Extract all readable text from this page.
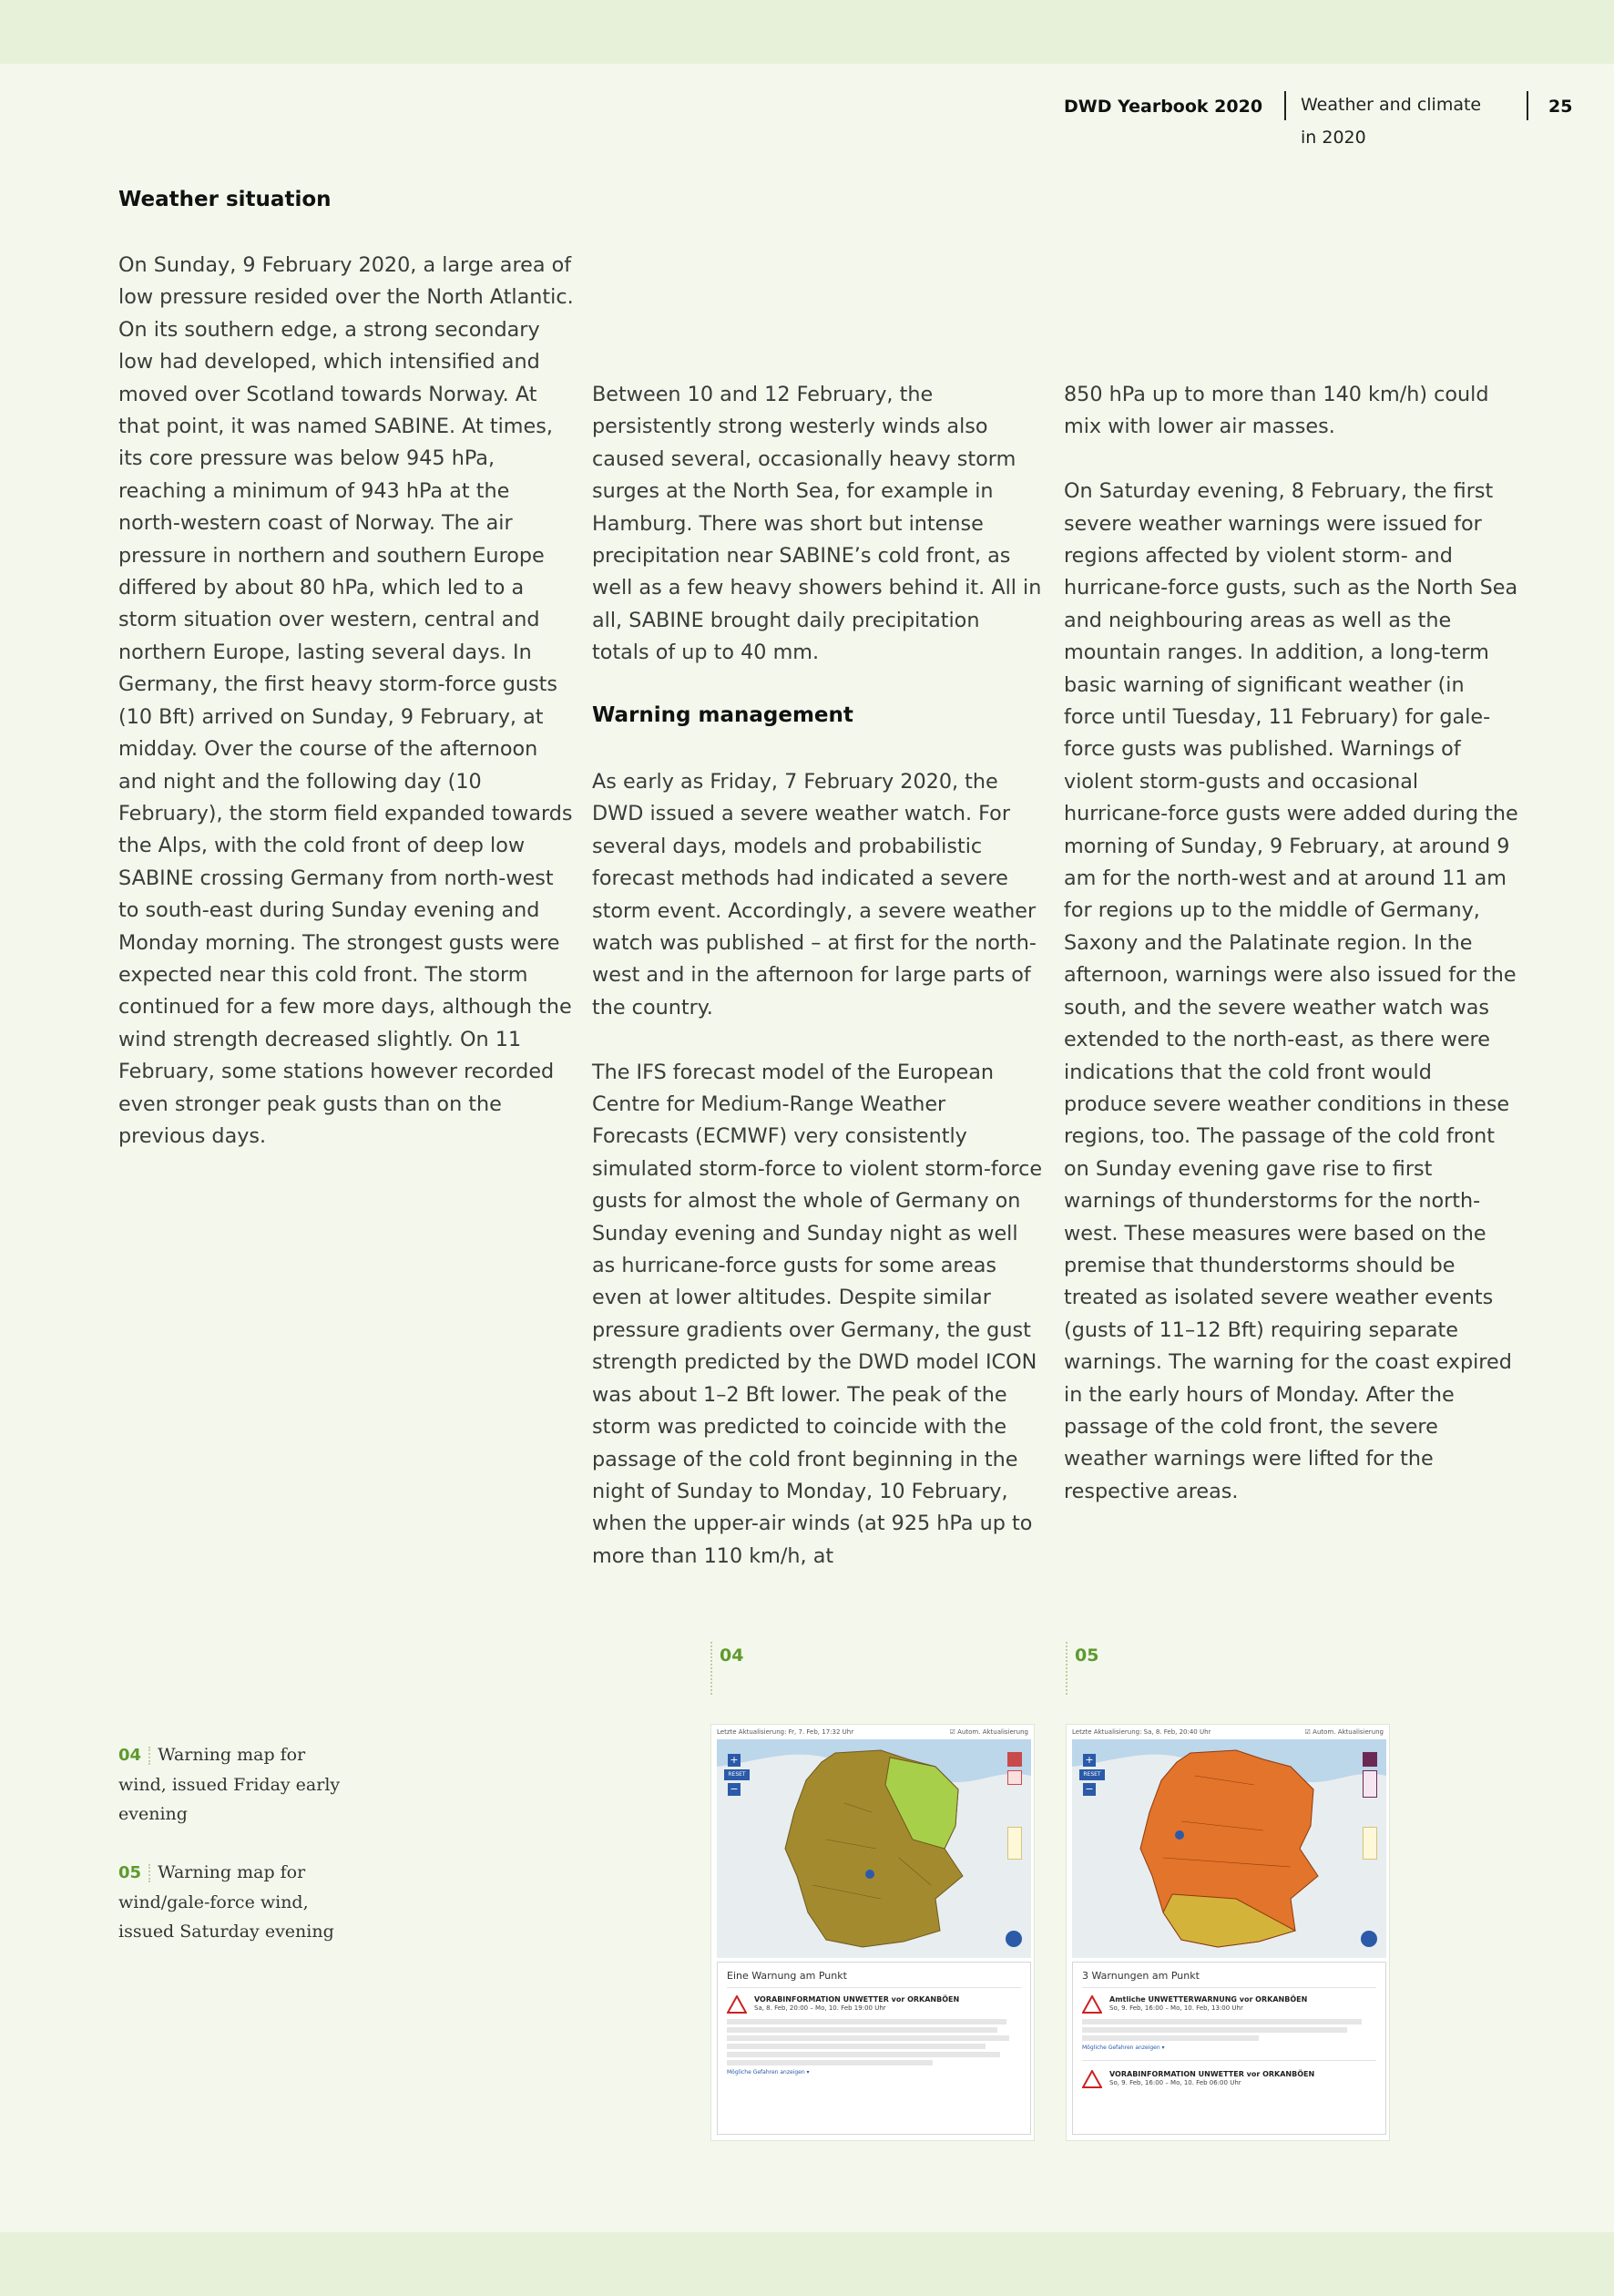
DWD Yearbook 2020	Weather and climate in 2020
25
Weather situation

On Sunday, 9 February 2020, a large area of low pressure resided over the North Atlantic. On its southern edge, a strong secondary low had developed, which intensified and moved over Scotland towards Norway. At that point, it was named SABINE. At times, its core pressure was below 945 hPa, reaching a minimum of 943 hPa at the north-western coast of Norway. The air pressure in northern and southern Europe differed by about 80 hPa, which led to a storm situation over western, central and northern Europe, lasting several days. In Germany, the first heavy storm-force gusts (10 Bft) arrived on Sunday, 9 February, at midday. Over the course of the afternoon and night and the following day (10 February), the storm field expanded towards the Alps, with the cold front of deep low SABINE crossing Germany from north-west to south-east during Sunday evening and Monday morning. The strongest gusts were expected near this cold front. The storm continued for a few more days, although the wind strength decreased slightly. On 11 February, some stations however recorded even stronger peak gusts than on the previous days.

Between 10 and 12 February, the persistently strong westerly winds also caused several, occasionally heavy storm surges at the North Sea, for example in Hamburg. There was short but intense precipitation near SABINE’s cold front, as well as a few heavy showers behind it. All in all, SABINE brought daily precipitation totals of up to 40 mm.

Warning management

As early as Friday, 7 February 2020, the DWD issued a severe weather watch. For several days, models and probabilistic forecast methods had indicated a severe storm event. Accordingly, a severe weather watch was published – at first for the north-west and in the afternoon for large parts of the country.

The IFS forecast model of the European Centre for Medium-Range Weather Forecasts (ECMWF) very consistently simulated storm-force to violent storm-force gusts for almost the whole of Germany on Sunday evening and Sunday night as well as hurricane-force gusts for some areas even at lower altitudes. Despite similar pressure gradients over Germany, the gust strength predicted by the DWD model ICON was about 1–2 Bft lower. The peak of the storm was predicted to coincide with the passage of the cold front beginning in the night of Sunday to Monday, 10 February, when the upper-air winds (at 925 hPa up to more than 110 km/h, at

850 hPa up to more than 140 km/h) could mix with lower air masses.

On Saturday evening, 8 February, the first severe weather warnings were issued for regions affected by violent storm- and hurricane-force gusts, such as the North Sea and neighbouring areas as well as the mountain ranges. In addition, a long-term basic warning of significant weather (in force until Tuesday, 11 February) for gale-force gusts was published. Warnings of violent storm-gusts and occasional hurricane-force gusts were added during the morning of Sunday, 9 February, at around 9 am for the north-west and at around 11 am for regions up to the middle of Germany, Saxony and the Palatinate region. In the afternoon, warnings were also issued for the south, and the severe weather watch was extended to the north-east, as there were indications that the cold front would produce severe weather conditions in these regions, too. The passage of the cold front on Sunday evening gave rise to first warnings of thunderstorms for the north-west. These measures were based on the premise that thunderstorms should be treated as isolated severe weather events (gusts of 11–12 Bft) requiring separate warnings. The warning for the coast expired in the early hours of Monday. After the passage of the cold front, the severe weather warnings were lifted for the respective areas.

04 Warning map for wind, issued Friday early evening
05 Warning map for wind/gale-force wind, issued Saturday evening
04	05
Letzte Aktualisierung: Fr, 7. Feb, 17:32 Uhr	☑ Autom. Aktualisierung
+
RESET
−
Eine Warnung am Punkt
VORABINFORMATION UNWETTER vor ORKANBÖEN
Sa, 8. Feb, 20:00 – Mo, 10. Feb 19:00 Uhr
Mögliche Gefahren anzeigen ▾
Letzte Aktualisierung: Sa, 8. Feb, 20:40 Uhr	☑ Autom. Aktualisierung
+
RESET
−
3 Warnungen am Punkt
Amtliche UNWETTERWARNUNG vor ORKANBÖEN
So, 9. Feb, 16:00 – Mo, 10. Feb, 13:00 Uhr
Mögliche Gefahren anzeigen ▾
VORABINFORMATION UNWETTER vor ORKANBÖEN
So, 9. Feb, 16:00 – Mo, 10. Feb 06:00 Uhr
